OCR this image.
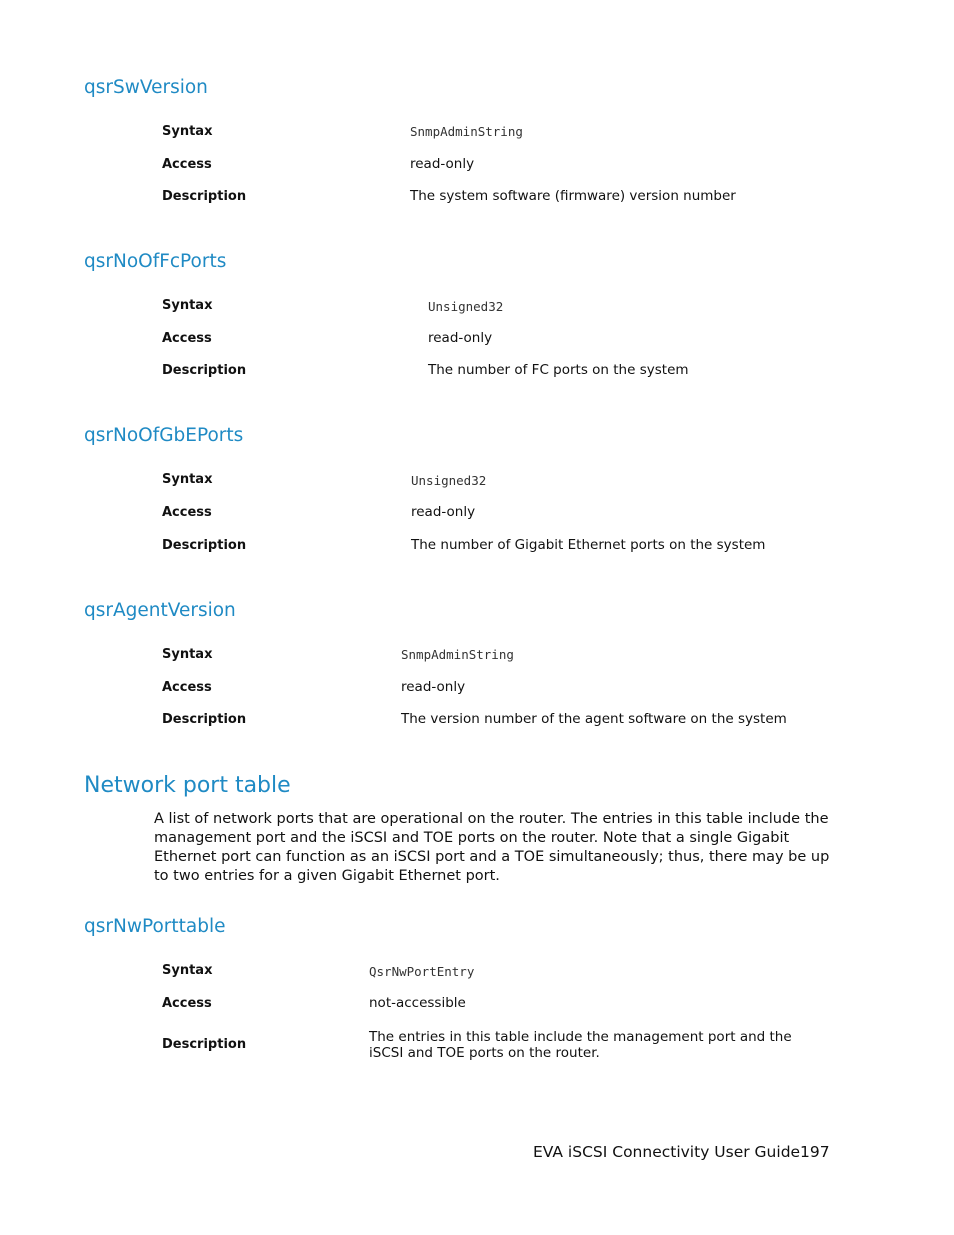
qsrSwVersion
Syntax	SnmpAdminString
Access	read-only
Description	The system software (firmware) version number
qsrNoOfFcPorts
Syntax	Unsigned32
Access	read-only
Description	The number of FC ports on the system
qsrNoOfGbEPorts
Syntax	Unsigned32
Access	read-only
Description	The number of Gigabit Ethernet ports on the system
qsrAgentVersion
Syntax	SnmpAdminString
Access	read-only
Description	The version number of the agent software on the system
Network port table
A list of network ports that are operational on the router. The entries in this table include the management port and the iSCSI and TOE ports on the router. Note that a single Gigabit Ethernet port can function as an iSCSI port and a TOE simultaneously; thus, there may be up to two entries for a given Gigabit Ethernet port.
qsrNwPorttable
Syntax	QsrNwPortEntry
Access	not-accessible
Description	The entries in this table include the management port and the iSCSI and TOE ports on the router.
EVA iSCSI Connectivity User Guide 197
